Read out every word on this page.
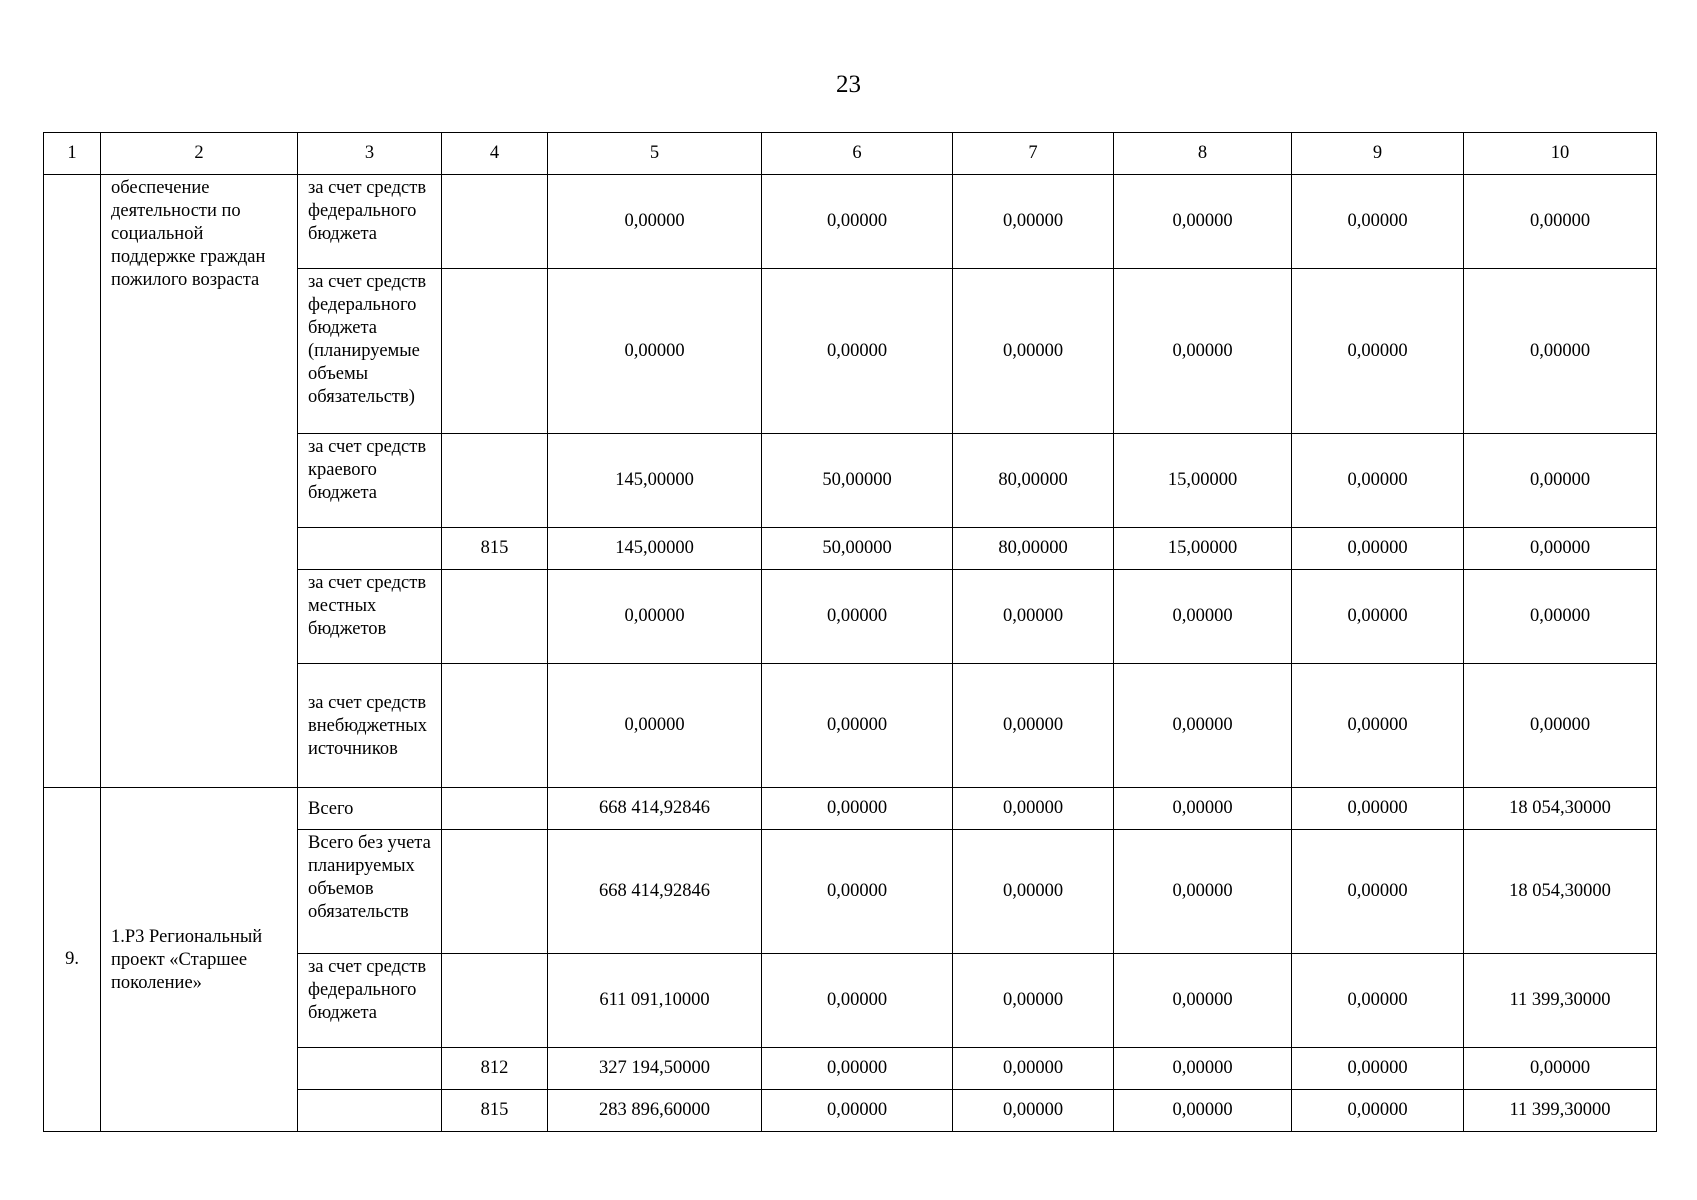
23
1	2	3	4	5	6	7	8	9	10
	обеспечение деятельности по социальной поддержке граждан пожилого возраста	за счет средств федерального бюджета		0,00000	0,00000	0,00000	0,00000	0,00000	0,00000
		за счет средств федерального бюджета (планируемые объемы обязательств)		0,00000	0,00000	0,00000	0,00000	0,00000	0,00000
		за счет средств краевого бюджета		145,00000	50,00000	80,00000	15,00000	0,00000	0,00000
			815	145,00000	50,00000	80,00000	15,00000	0,00000	0,00000
		за счет средств местных бюджетов		0,00000	0,00000	0,00000	0,00000	0,00000	0,00000
		за счет средств внебюджетных источников		0,00000	0,00000	0,00000	0,00000	0,00000	0,00000
9.	1.Р3 Региональный проект «Старшее поколение»	Всего		668 414,92846	0,00000	0,00000	0,00000	0,00000	18 054,30000
		Всего без учета планируемых объемов обязательств		668 414,92846	0,00000	0,00000	0,00000	0,00000	18 054,30000
		за счет средств федерального бюджета		611 091,10000	0,00000	0,00000	0,00000	0,00000	11 399,30000
			812	327 194,50000	0,00000	0,00000	0,00000	0,00000	0,00000
			815	283 896,60000	0,00000	0,00000	0,00000	0,00000	11 399,30000
